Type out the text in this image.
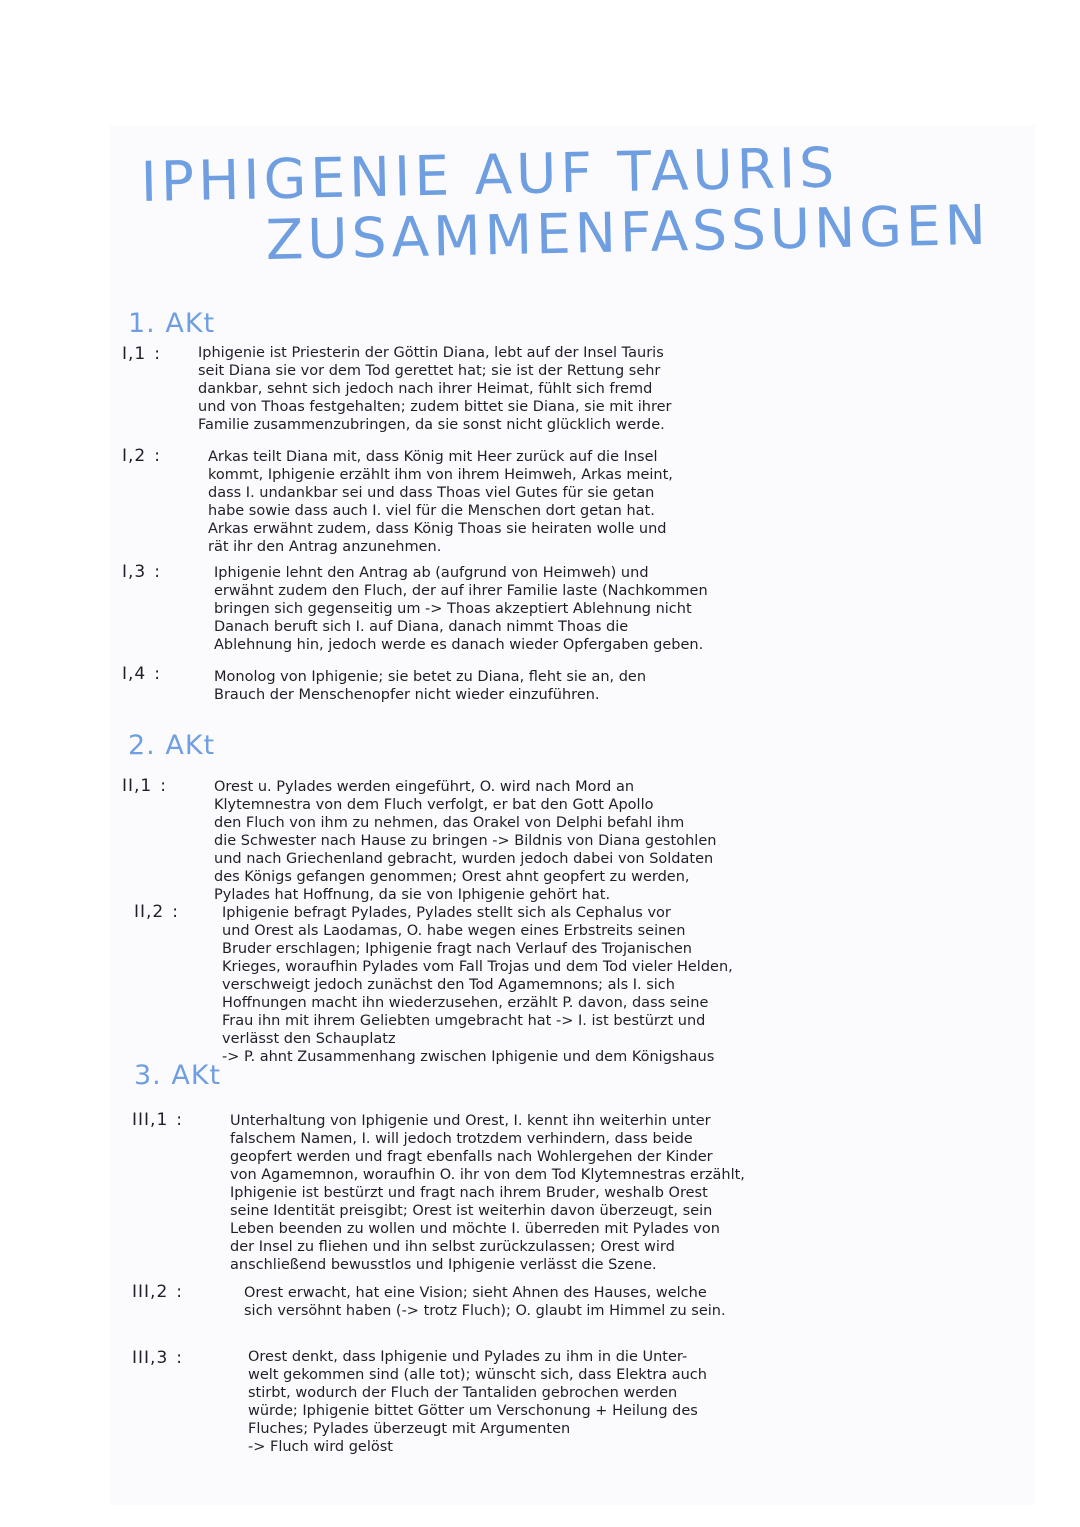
IPHIGENIE AUF TAURIS
ZUSAMMENFASSUNGEN
1. AKt
I,1 :	Iphigenie ist Priesterin der Göttin Diana, lebt auf der Insel Tauris
seit Diana sie vor dem Tod gerettet hat; sie ist der Rettung sehr
dankbar, sehnt sich jedoch nach ihrer Heimat, fühlt sich fremd
und von Thoas festgehalten; zudem bittet sie Diana, sie mit ihrer
Familie zusammenzubringen, da sie sonst nicht glücklich werde.
I,2 :	Arkas teilt Diana mit, dass König mit Heer zurück auf die Insel
kommt, Iphigenie erzählt ihm von ihrem Heimweh, Arkas meint,
dass I. undankbar sei und dass Thoas viel Gutes für sie getan
habe sowie dass auch I. viel für die Menschen dort getan hat.
Arkas erwähnt zudem, dass König Thoas sie heiraten wolle und
rät ihr den Antrag anzunehmen.
I,3 :	Iphigenie lehnt den Antrag ab (aufgrund von Heimweh) und
erwähnt zudem den Fluch, der auf ihrer Familie laste (Nachkommen
bringen sich gegenseitig um -> Thoas akzeptiert Ablehnung nicht
Danach beruft sich I. auf Diana, danach nimmt Thoas die
Ablehnung hin, jedoch werde es danach wieder Opfergaben geben.
I,4 :	Monolog von Iphigenie; sie betet zu Diana, fleht sie an, den
Brauch der Menschenopfer nicht wieder einzuführen.
2. AKt
II,1 :	Orest u. Pylades werden eingeführt, O. wird nach Mord an
Klytemnestra von dem Fluch verfolgt, er bat den Gott Apollo
den Fluch von ihm zu nehmen, das Orakel von Delphi befahl ihm
die Schwester nach Hause zu bringen -> Bildnis von Diana gestohlen
und nach Griechenland gebracht, wurden jedoch dabei von Soldaten
des Königs gefangen genommen; Orest ahnt geopfert zu werden,
Pylades hat Hoffnung, da sie von Iphigenie gehört hat.
II,2 :	Iphigenie befragt Pylades, Pylades stellt sich als Cephalus vor
und Orest als Laodamas, O. habe wegen eines Erbstreits seinen
Bruder erschlagen; Iphigenie fragt nach Verlauf des Trojanischen
Krieges, woraufhin Pylades vom Fall Trojas und dem Tod vieler Helden,
verschweigt jedoch zunächst den Tod Agamemnons; als I. sich
Hoffnungen macht ihn wiederzusehen, erzählt P. davon, dass seine
Frau ihn mit ihrem Geliebten umgebracht hat -> I. ist bestürzt und
verlässt den Schauplatz
-> P. ahnt Zusammenhang zwischen Iphigenie und dem Königshaus
3. AKt
III,1 :	Unterhaltung von Iphigenie und Orest, I. kennt ihn weiterhin unter
falschem Namen, I. will jedoch trotzdem verhindern, dass beide
geopfert werden und fragt ebenfalls nach Wohlergehen der Kinder
von Agamemnon, woraufhin O. ihr von dem Tod Klytemnestras erzählt,
Iphigenie ist bestürzt und fragt nach ihrem Bruder, weshalb Orest
seine Identität preisgibt; Orest ist weiterhin davon überzeugt, sein
Leben beenden zu wollen und möchte I. überreden mit Pylades von
der Insel zu fliehen und ihn selbst zurückzulassen; Orest wird
anschließend bewusstlos und Iphigenie verlässt die Szene.
III,2 :	Orest erwacht, hat eine Vision; sieht Ahnen des Hauses, welche
sich versöhnt haben (-> trotz Fluch); O. glaubt im Himmel zu sein.
III,3 :	Orest denkt, dass Iphigenie und Pylades zu ihm in die Unter-
welt gekommen sind (alle tot); wünscht sich, dass Elektra auch
stirbt, wodurch der Fluch der Tantaliden gebrochen werden
würde; Iphigenie bittet Götter um Verschonung + Heilung des
Fluches; Pylades überzeugt mit Argumenten
-> Fluch wird gelöst
